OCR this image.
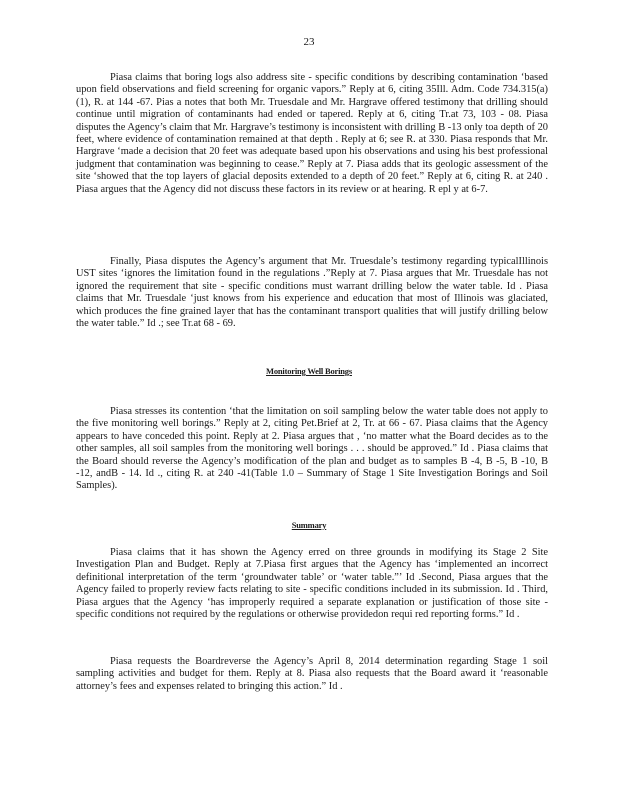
23

Piasa claims that boring logs also address site - specific conditions by describing contamination ‘based upon field observations and field screening for organic vapors.” Reply at 6, citing 35Ill. Adm. Code 734.315(a)(1), R. at 144 -67. Pias a notes that both Mr. Truesdale and Mr. Hargrave offered testimony that drilling should continue until migration of contaminants had ended or tapered. Reply at 6, citing Tr.at 73, 103 - 08. Piasa disputes the Agency’s claim that Mr. Hargrave’s testimony is inconsistent with drilling B -13 only toa depth of 20 feet, where evidence of contamination remained at that depth . Reply at 6; see R. at 330. Piasa responds that Mr. Hargrave ‘made a decision that 20 feet was adequate based upon his observations and using his best professional judgment that contamination was beginning to cease.” Reply at 7. Piasa adds that its geologic assessment of the site ‘showed that the top layers of glacial deposits extended to a depth of 20 feet.” Reply at 6, citing R. at 240 . Piasa argues that the Agency did not discuss these factors in its review or at hearing. R epl y at 6-7.

Finally, Piasa disputes the Agency’s argument that Mr. Truesdale’s testimony regarding typicalIllinois UST sites ‘ignores the limitation found in the regulations .”Reply at 7. Piasa argues that Mr. Truesdale has not ignored the requirement that site - specific conditions must warrant drilling below the water table. Id . Piasa claims that Mr. Truesdale ‘just knows from his experience and education that most of Illinois was glaciated, which produces the fine grained layer that has the contaminant transport qualities that will justify drilling below the water table.” Id .; see Tr.at 68 - 69.

Monitoring Well Borings

Piasa stresses its contention ‘that the limitation on soil sampling below the water table does not apply to the five monitoring well borings.” Reply at 2, citing Pet.Brief at 2, Tr. at 66 - 67. Piasa claims that the Agency appears to have conceded this point. Reply at 2. Piasa argues that , ‘no matter what the Board decides as to the other samples, all soil samples from the monitoring well borings . . . should be approved.” Id . Piasa claims that the Board should reverse the Agency’s modification of the plan and budget as to samples B -4, B -5, B -10, B -12, andB - 14. Id ., citing R. at 240 -41(Table 1.0 – Summary of Stage 1 Site Investigation Borings and Soil Samples).

Summary

Piasa claims that it has shown the Agency erred on three grounds in modifying its Stage 2 Site Investigation Plan and Budget. Reply at 7.Piasa first argues that the Agency has ‘implemented an incorrect definitional interpretation of the term ‘groundwater table’ or ‘water table.”’ Id .Second, Piasa argues that the Agency failed to properly review facts relating to site - specific conditions included in its submission. Id . Third, Piasa argues that the Agency ‘has improperly required a separate explanation or justification of those site -specific conditions not required by the regulations or otherwise providedon requi red reporting forms.” Id .

Piasa requests the Boardreverse the Agency’s April 8, 2014 determination regarding Stage 1 soil sampling activities and budget for them. Reply at 8. Piasa also requests that the Board award it ‘reasonable attorney’s fees and expenses related to bringing this action.” Id .
